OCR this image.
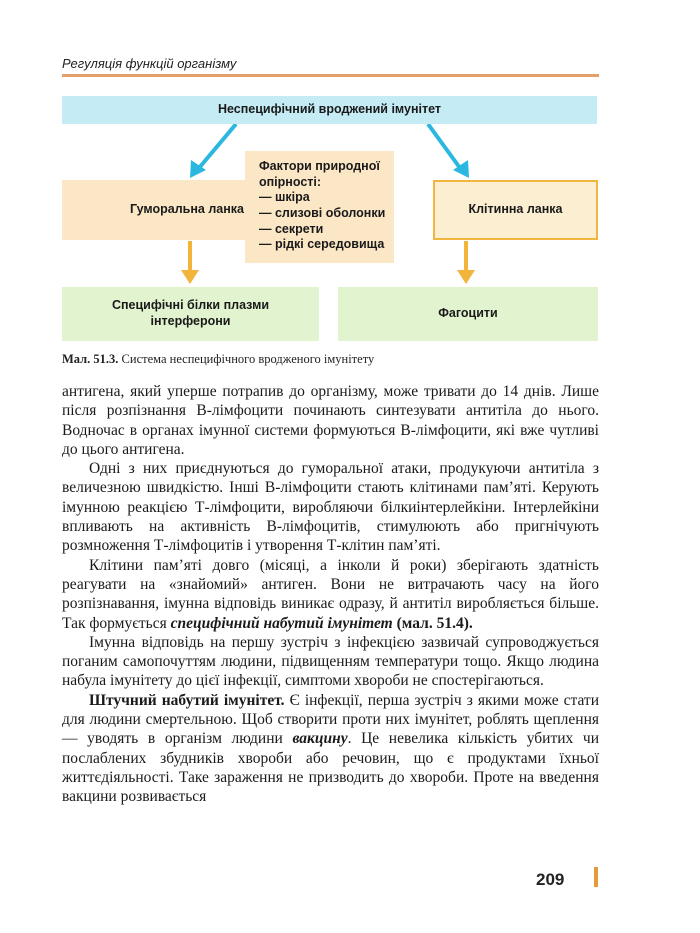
Регуляція функцій організму
Неспецифічний вроджений імунітет
Гуморальна ланка	Клітинна ланка
Фактори природної
опірності:
— шкіра
— слизові оболонки
— секрети
— рідкі середовища
Специфічні білки плазми
інтерферони
Фагоцити
Мал. 51.3. Система неспецифічного вродженого імунітету

антигена, який уперше потрапив до організму, може тривати до 14 днів. Лише після розпізнання В-лімфоцити починають синтезувати антитіла до нього. Водночас в органах імунної системи формуються В-лімфоцити, які вже чутливі до цього антигена.

Одні з них приєднуються до гуморальної атаки, продукуючи антитіла з величезною швидкістю. Інші В-лімфоцити стають клітинами пам’яті. Керують імунною реакцією Т-лімфоцити, виробляючи білкиінтерлейкіни. Інтерлейкіни впливають на активність В-лімфоцитів, стимулюють або пригнічують розмноження Т-лімфоцитів і утворення Т-клітин пам’яті.

Клітини пам’яті довго (місяці, а інколи й роки) зберігають здатність реагувати на «знайомий» антиген. Вони не витрачають часу на його розпізнавання, імунна відповідь виникає одразу, й антитіл виробляється більше. Так формується специфічний набутий імунітет (мал. 51.4).

Імунна відповідь на першу зустріч з інфекцією зазвичай супроводжується поганим самопочуттям людини, підвищенням температури тощо. Якщо людина набула імунітету до цієї інфекції, симптоми хвороби не спостерігаються.

Штучний набутий імунітет. Є інфекції, перша зустріч з якими може стати для людини смертельною. Щоб створити проти них імунітет, роблять щеплення — уводять в організм людини вакцину. Це невелика кількість убитих чи послаблених збудників хвороби або речовин, що є продуктами їхньої життєдіяльності. Таке зараження не призводить до хвороби. Проте на введення вакцини розвивається

209
